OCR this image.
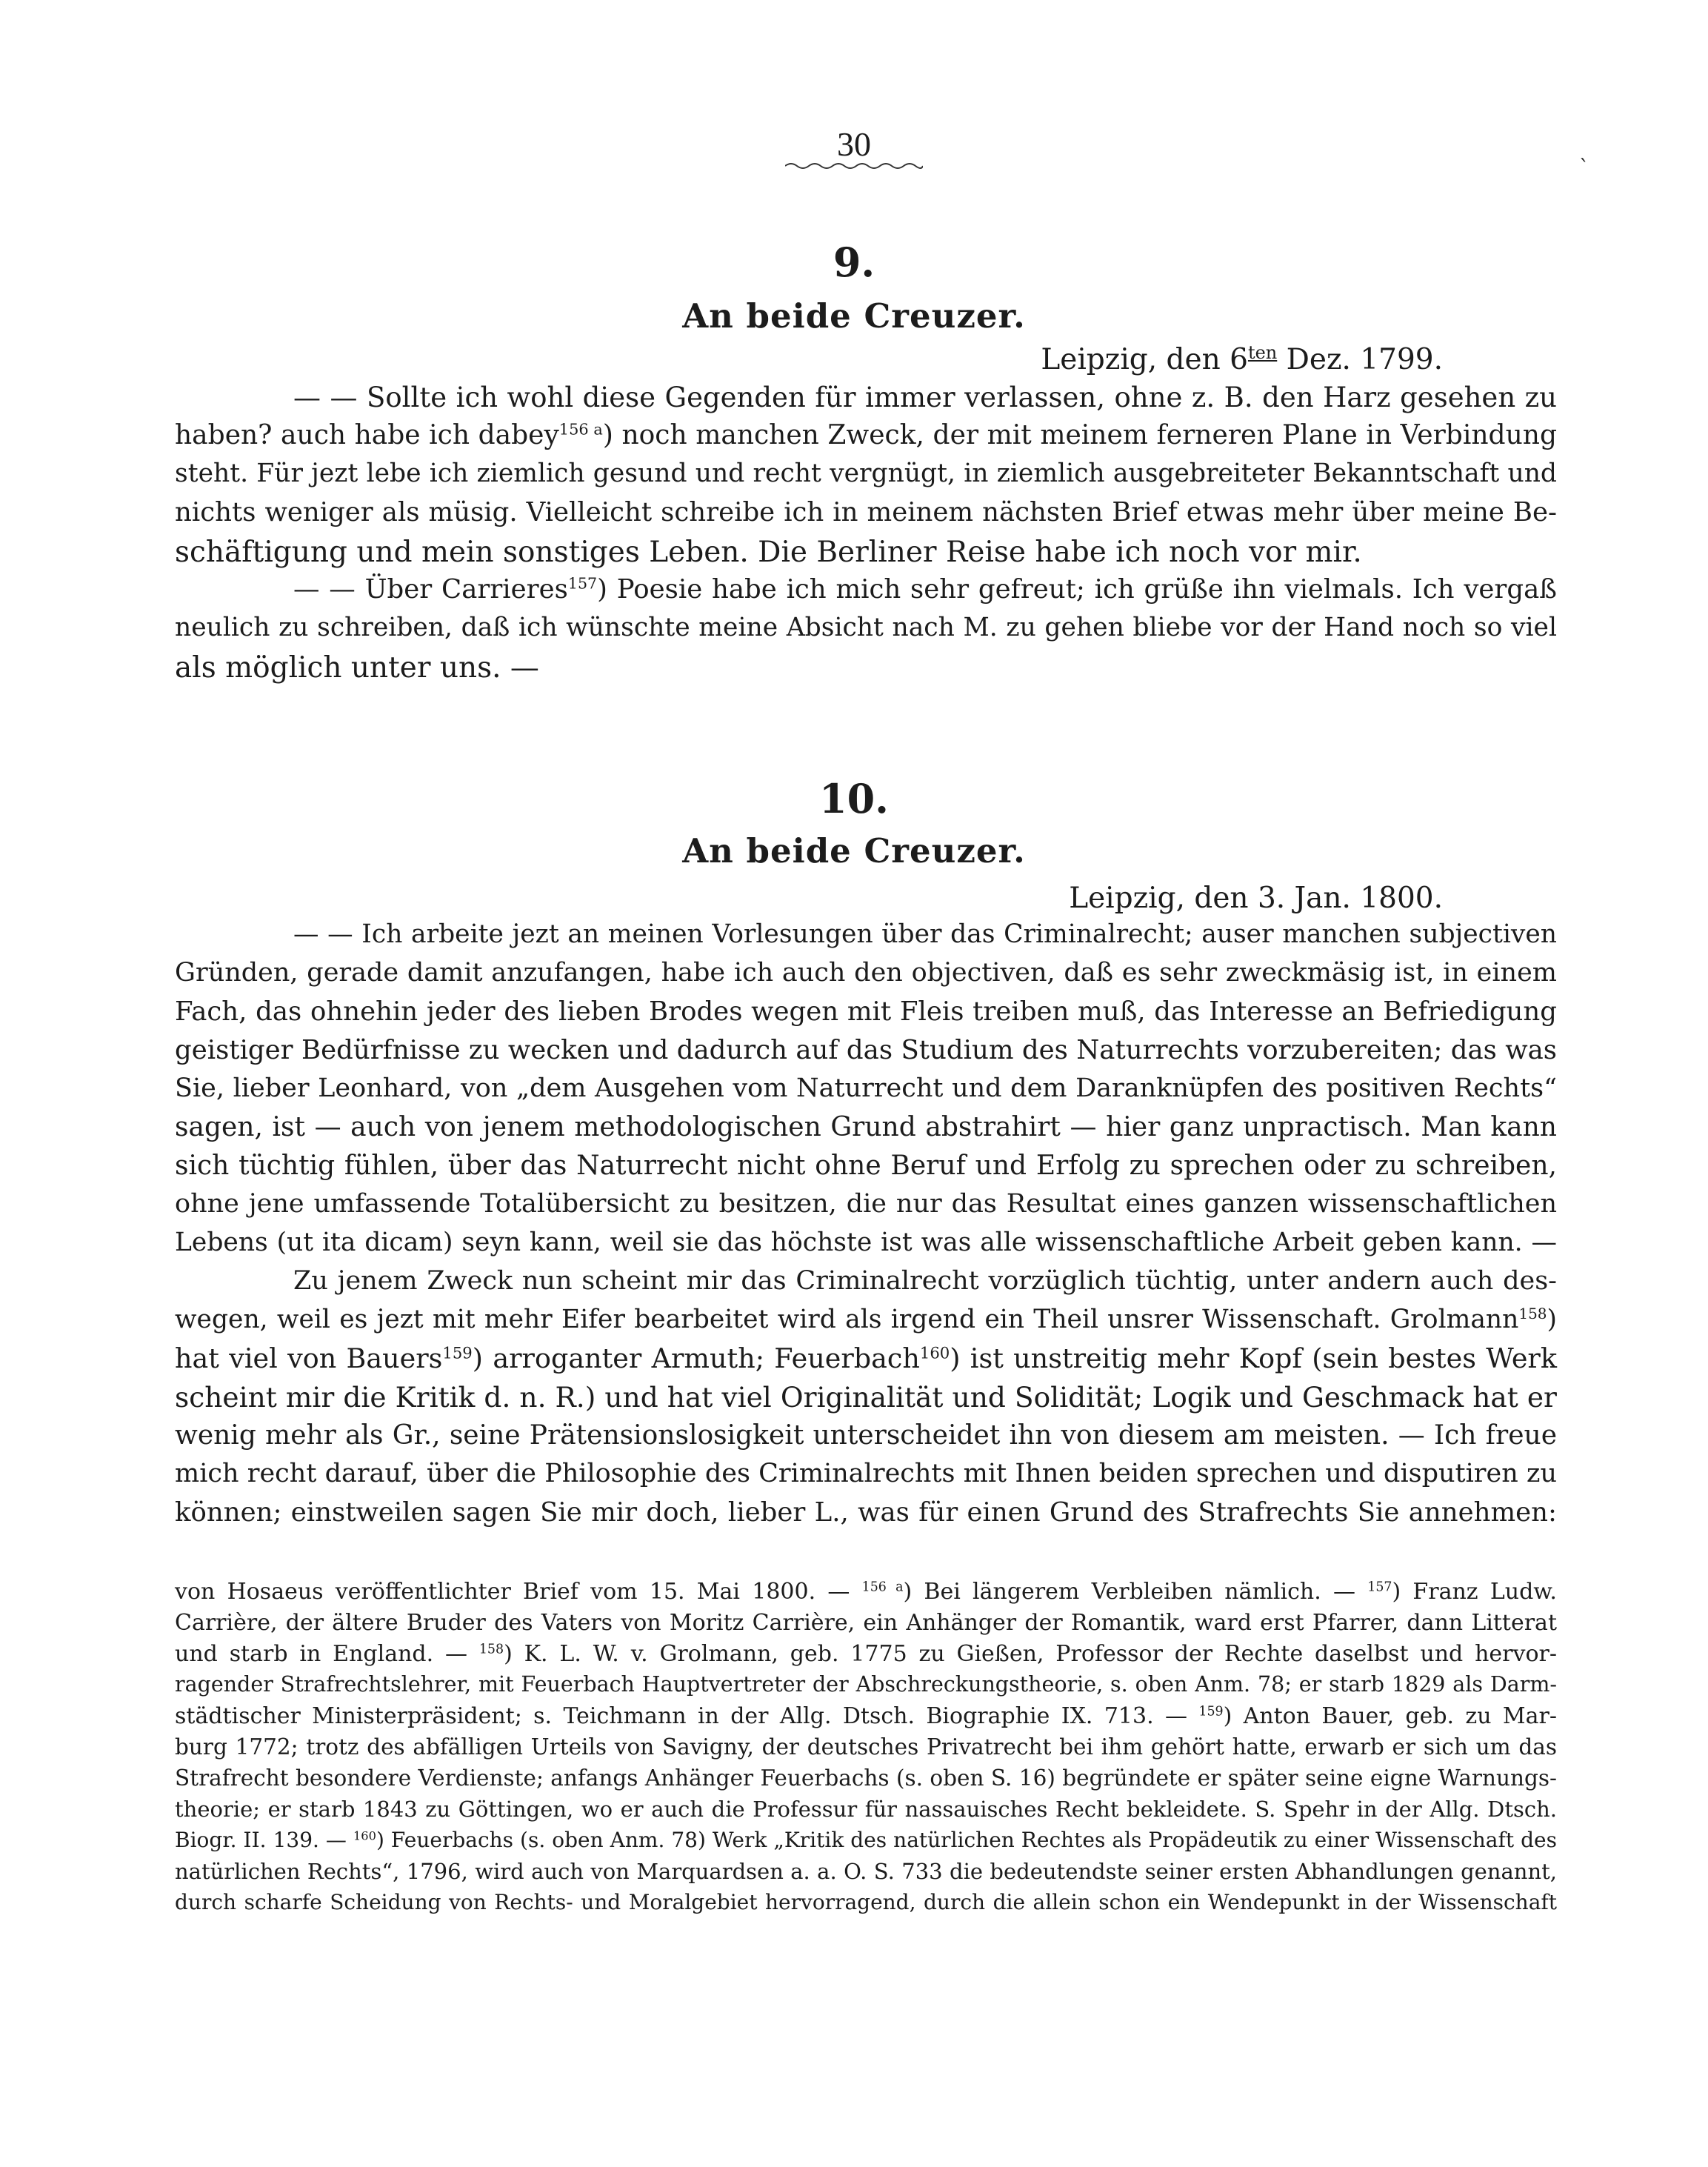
30
`
9.
An beide Creuzer.
Leipzig, den $6^{ten}$ Dez. 1799.
— — Sollte ich wohl diese Gegenden für immer verlassen, ohne z. B. den Harz gesehen zu
haben? auch habe ich dabey$^{156 a}$) noch manchen Zweck, der mit meinem ferneren Plane in Verbindung
steht. Für jezt lebe ich ziemlich gesund und recht vergnügt, in ziemlich ausgebreiteter Bekanntschaft und
nichts weniger als müsig. Vielleicht schreibe ich in meinem nächsten Brief etwas mehr über meine Be-
schäftigung und mein sonstiges Leben. Die Berliner Reise habe ich noch vor mir.
— — Über Carrieres$^{157}$) Poesie habe ich mich sehr gefreut; ich grüße ihn vielmals. Ich vergaß
neulich zu schreiben, daß ich wünschte meine Absicht nach M. zu gehen bliebe vor der Hand noch so viel
als möglich unter uns. —
10.
An beide Creuzer.
Leipzig, den 3. Jan. 1800.
— — Ich arbeite jezt an meinen Vorlesungen über das Criminalrecht; auser manchen subjectiven
Gründen, gerade damit anzufangen, habe ich auch den objectiven, daß es sehr zweckmäsig ist, in einem
Fach, das ohnehin jeder des lieben Brodes wegen mit Fleis treiben muß, das Interesse an Befriedigung
geistiger Bedürfnisse zu wecken und dadurch auf das Studium des Naturrechts vorzubereiten; das was
Sie, lieber Leonhard, von „dem Ausgehen vom Naturrecht und dem Daranknüpfen des positiven Rechts“
sagen, ist — auch von jenem methodologischen Grund abstrahirt — hier ganz unpractisch. Man kann
sich tüchtig fühlen, über das Naturrecht nicht ohne Beruf und Erfolg zu sprechen oder zu schreiben,
ohne jene umfassende Totalübersicht zu besitzen, die nur das Resultat eines ganzen wissenschaftlichen
Lebens (ut ita dicam) seyn kann, weil sie das höchste ist was alle wissenschaftliche Arbeit geben kann. —
Zu jenem Zweck nun scheint mir das Criminalrecht vorzüglich tüchtig, unter andern auch des-
wegen, weil es jezt mit mehr Eifer bearbeitet wird als irgend ein Theil unsrer Wissenschaft. Grolmann$^{158}$)
hat viel von Bauers$^{159}$) arroganter Armuth; Feuerbach$^{160}$) ist unstreitig mehr Kopf (sein bestes Werk
scheint mir die Kritik d. n. R.) und hat viel Originalität und Solidität; Logik und Geschmack hat er
wenig mehr als Gr., seine Prätensionslosigkeit unterscheidet ihn von diesem am meisten. — Ich freue
mich recht darauf, über die Philosophie des Criminalrechts mit Ihnen beiden sprechen und disputiren zu
können; einstweilen sagen Sie mir doch, lieber L., was für einen Grund des Strafrechts Sie annehmen:
von Hosaeus veröffentlichter Brief vom 15. Mai 1800. — $^{156 a}$) Bei längerem Verbleiben nämlich. — $^{157}$) Franz Ludw.
Carrière, der ältere Bruder des Vaters von Moritz Carrière, ein Anhänger der Romantik, ward erst Pfarrer, dann Litterat
und starb in England. — $^{158}$) K. L. W. v. Grolmann, geb. 1775 zu Gießen, Professor der Rechte daselbst und hervor-
ragender Strafrechtslehrer, mit Feuerbach Hauptvertreter der Abschreckungstheorie, s. oben Anm. 78; er starb 1829 als Darm-
städtischer Ministerpräsident; s. Teichmann in der Allg. Dtsch. Biographie IX. 713. — $^{159}$) Anton Bauer, geb. zu Mar-
burg 1772; trotz des abfälligen Urteils von Savigny, der deutsches Privatrecht bei ihm gehört hatte, erwarb er sich um das
Strafrecht besondere Verdienste; anfangs Anhänger Feuerbachs (s. oben S. 16) begründete er später seine eigne Warnungs-
theorie; er starb 1843 zu Göttingen, wo er auch die Professur für nassauisches Recht bekleidete. S. Spehr in der Allg. Dtsch.
Biogr. II. 139. — $^{160}$) Feuerbachs (s. oben Anm. 78) Werk „Kritik des natürlichen Rechtes als Propädeutik zu einer Wissenschaft des
natürlichen Rechts“, 1796, wird auch von Marquardsen a. a. O. S. 733 die bedeutendste seiner ersten Abhandlungen genannt,
durch scharfe Scheidung von Rechts- und Moralgebiet hervorragend, durch die allein schon ein Wendepunkt in der Wissenschaft
